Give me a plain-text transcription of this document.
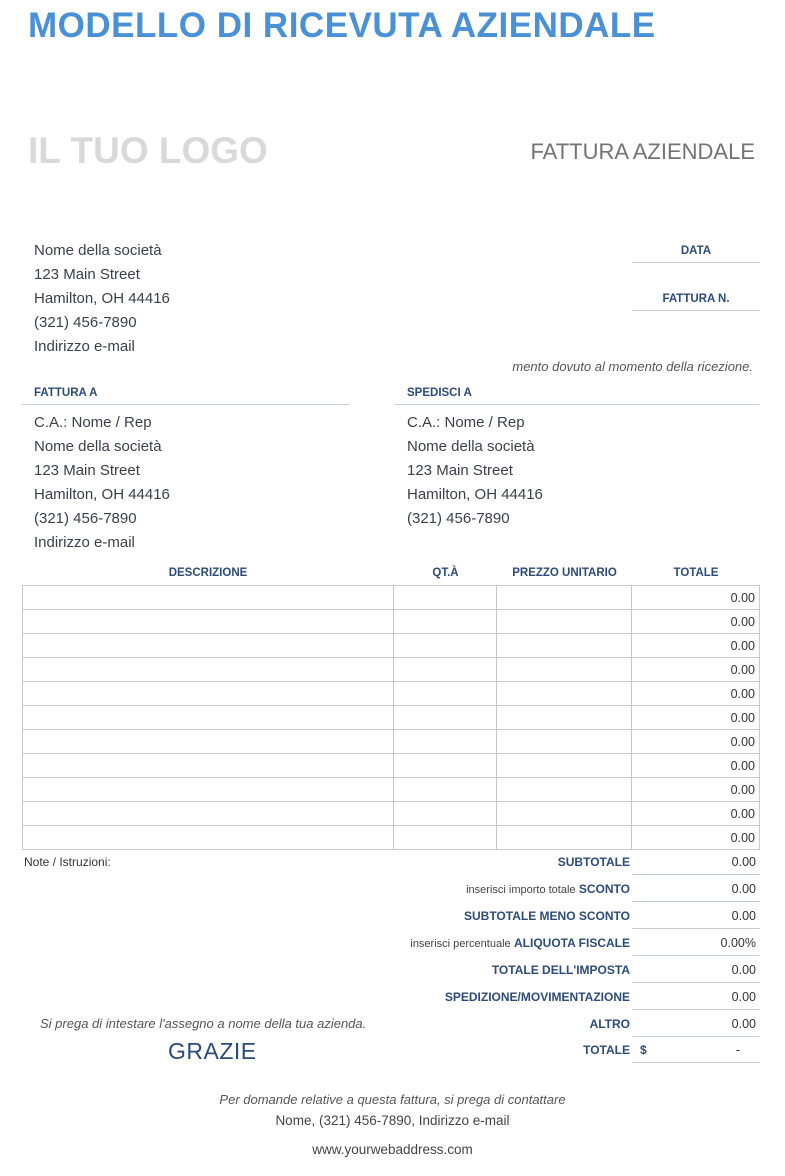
MODELLO DI RICEVUTA AZIENDALE
IL TUO LOGO	FATTURA AZIENDALE
Nome della società
123 Main Street
Hamilton, OH 44416
(321) 456-7890
Indirizzo e-mail
DATA
FATTURA N.
mento dovuto al momento della ricezione.
FATTURA A
C.A.: Nome / Rep
Nome della società
123 Main Street
Hamilton, OH 44416
(321) 456-7890
Indirizzo e-mail
SPEDISCI A
C.A.: Nome / Rep
Nome della società
123 Main Street
Hamilton, OH 44416
(321) 456-7890
DESCRIZIONE	QT.À	PREZZO UNITARIO	TOTALE
			0.00
			0.00
			0.00
			0.00
			0.00
			0.00
			0.00
			0.00
			0.00
			0.00
			0.00
Note / Istruzioni:	SUBTOTALE	0.00
inserisci importo totale SCONTO	0.00
SUBTOTALE MENO SCONTO	0.00
inserisci percentuale ALIQUOTA FISCALE	0.00%
TOTALE DELL'IMPOSTA	0.00
SPEDIZIONE/MOVIMENTAZIONE	0.00
ALTRO	0.00
TOTALE $	-
Si prega di intestare l'assegno a nome della tua azienda.
GRAZIE
Per domande relative a questa fattura, si prega di contattare
Nome, (321) 456-7890, Indirizzo e-mail
www.yourwebaddress.com
